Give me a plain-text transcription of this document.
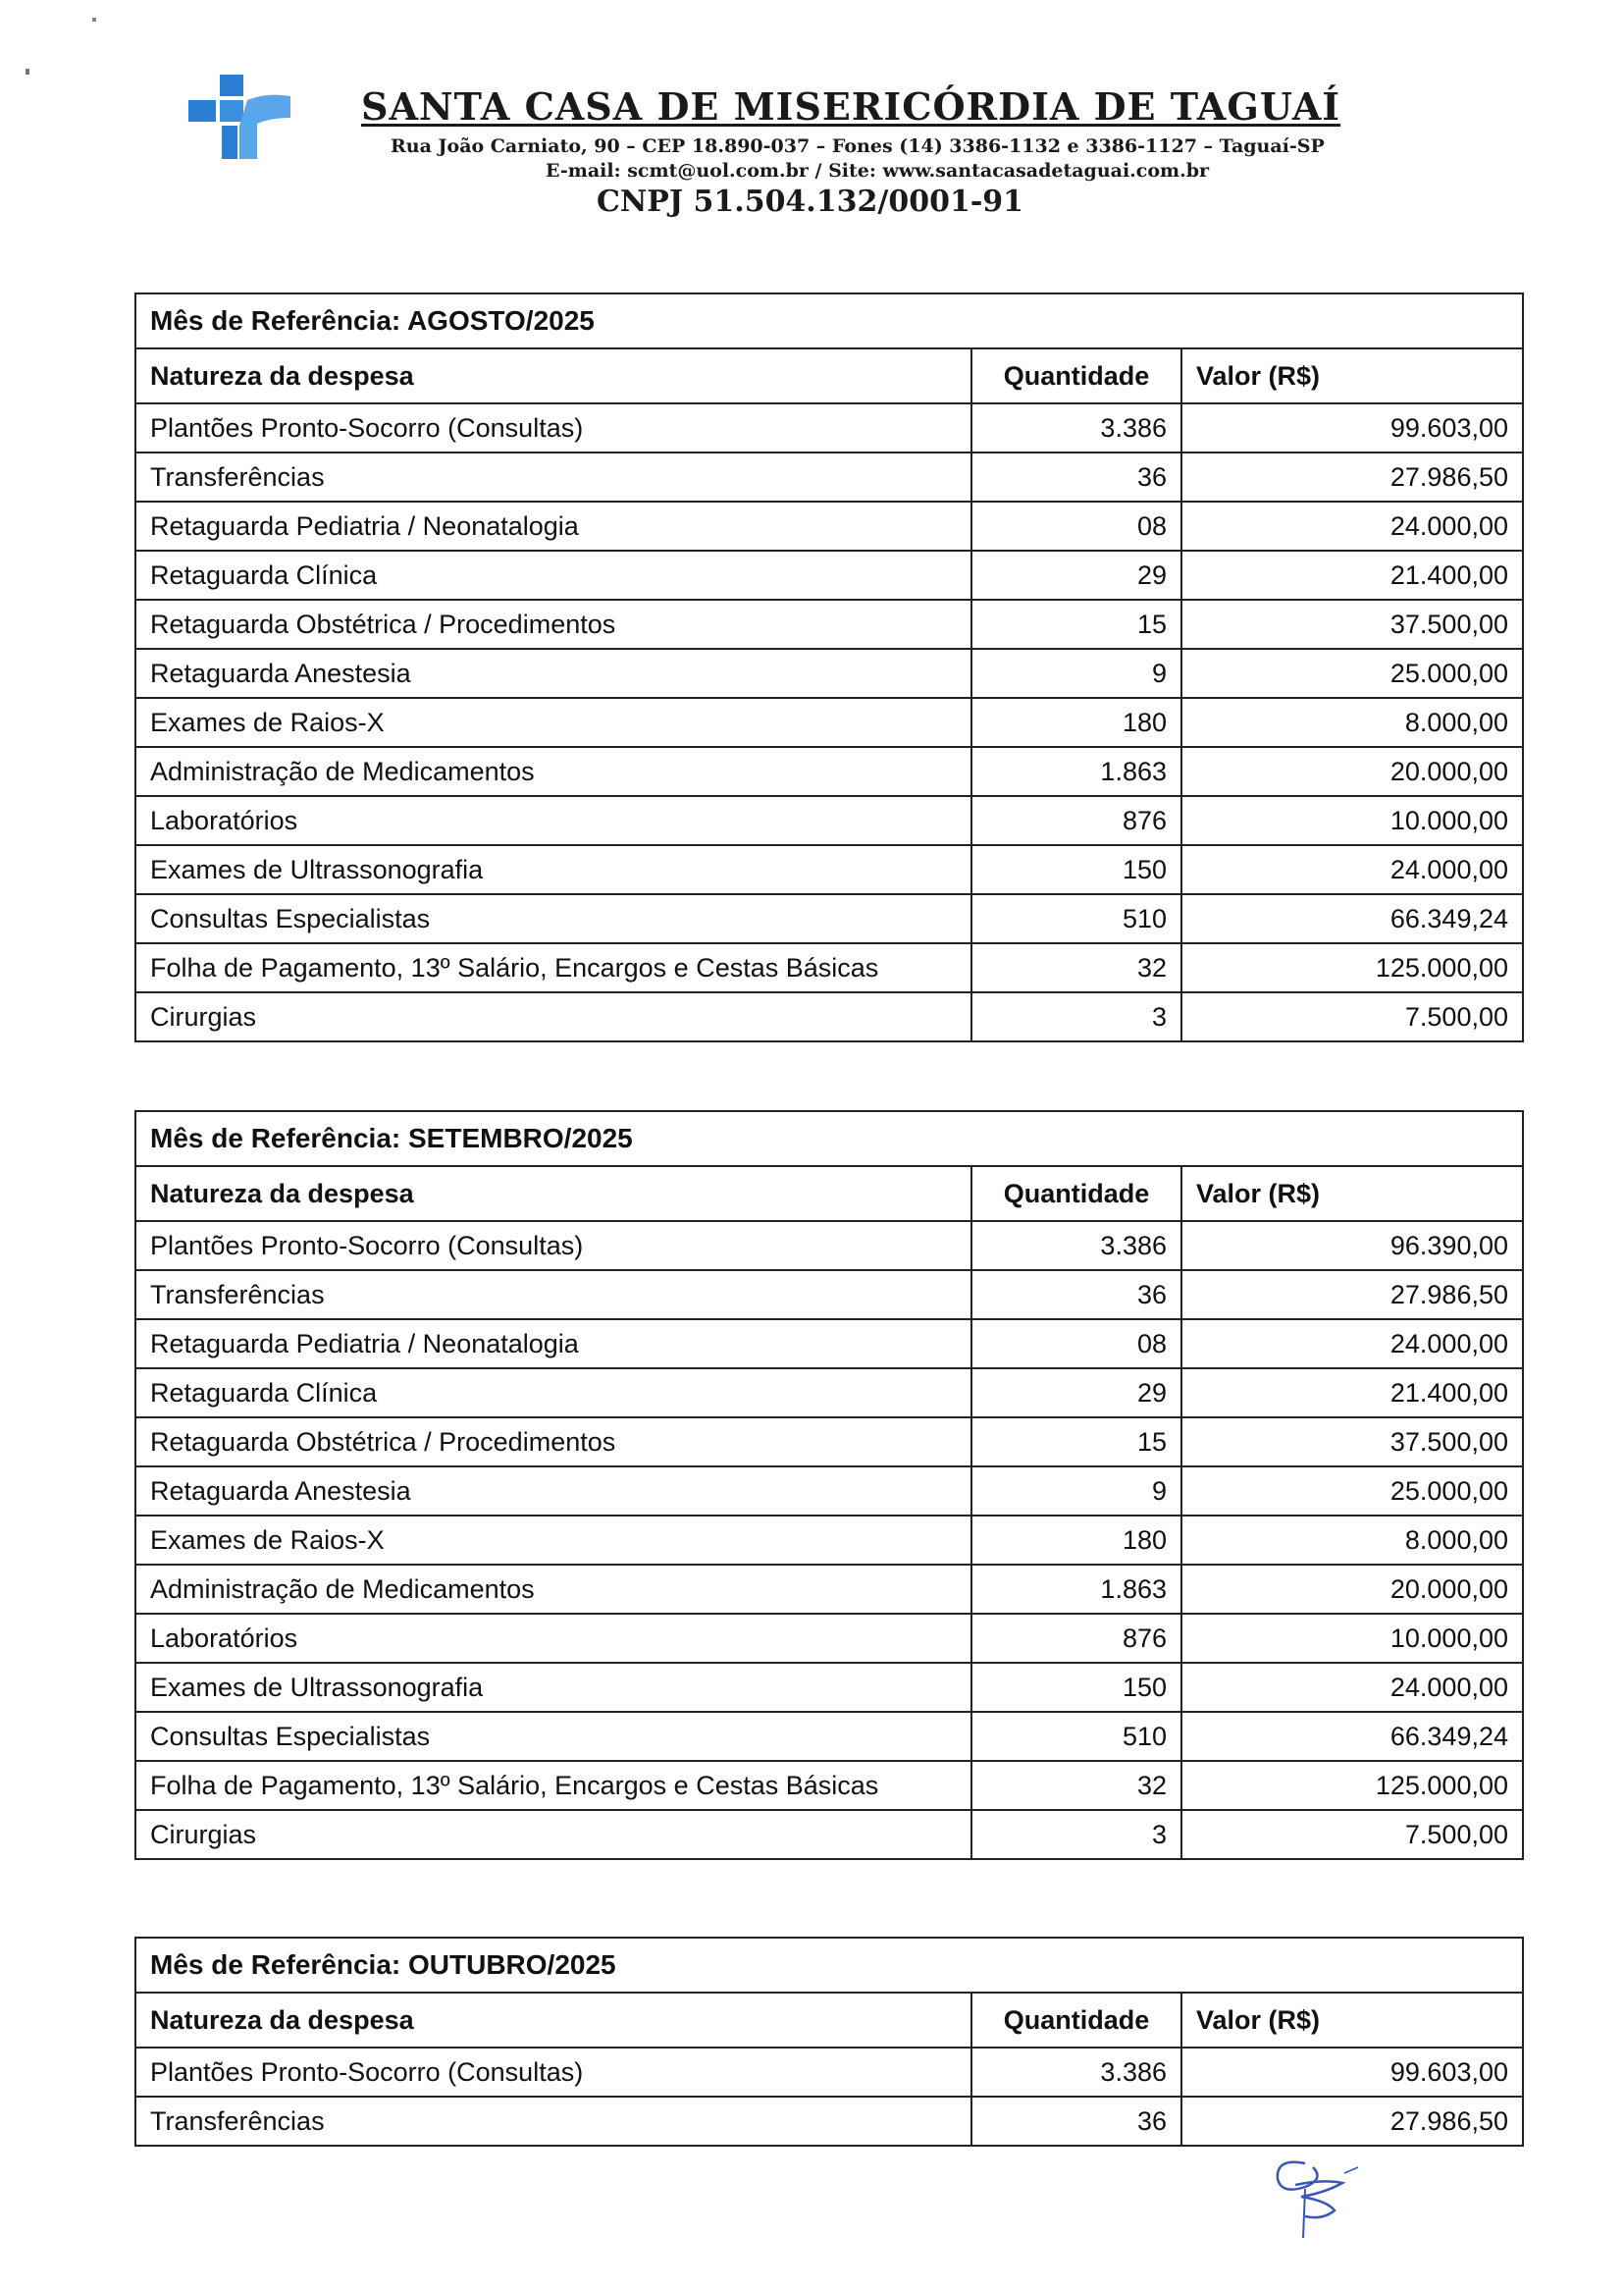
SANTA CASA DE MISERICÓRDIA DE TAGUAÍ
Rua João Carniato, 90 – CEP 18.890-037 – Fones (14) 3386-1132 e 3386-1127 – Taguaí-SP
E-mail: scmt@uol.com.br / Site: www.santacasadetaguai.com.br
CNPJ 51.504.132/0001-91
Mês de Referência: AGOSTO/2025
Natureza da despesa	Quantidade	Valor (R$)
Plantões Pronto-Socorro (Consultas)	3.386	99.603,00
Transferências	36	27.986,50
Retaguarda Pediatria / Neonatalogia	08	24.000,00
Retaguarda Clínica	29	21.400,00
Retaguarda Obstétrica / Procedimentos	15	37.500,00
Retaguarda Anestesia	9	25.000,00
Exames de Raios-X	180	8.000,00
Administração de Medicamentos	1.863	20.000,00
Laboratórios	876	10.000,00
Exames de Ultrassonografia	150	24.000,00
Consultas Especialistas	510	66.349,24
Folha de Pagamento, 13º Salário, Encargos e Cestas Básicas	32	125.000,00
Cirurgias	3	7.500,00
Mês de Referência: SETEMBRO/2025
Natureza da despesa	Quantidade	Valor (R$)
Plantões Pronto-Socorro (Consultas)	3.386	96.390,00
Transferências	36	27.986,50
Retaguarda Pediatria / Neonatalogia	08	24.000,00
Retaguarda Clínica	29	21.400,00
Retaguarda Obstétrica / Procedimentos	15	37.500,00
Retaguarda Anestesia	9	25.000,00
Exames de Raios-X	180	8.000,00
Administração de Medicamentos	1.863	20.000,00
Laboratórios	876	10.000,00
Exames de Ultrassonografia	150	24.000,00
Consultas Especialistas	510	66.349,24
Folha de Pagamento, 13º Salário, Encargos e Cestas Básicas	32	125.000,00
Cirurgias	3	7.500,00
Mês de Referência: OUTUBRO/2025
Natureza da despesa	Quantidade	Valor (R$)
Plantões Pronto-Socorro (Consultas)	3.386	99.603,00
Transferências	36	27.986,50
